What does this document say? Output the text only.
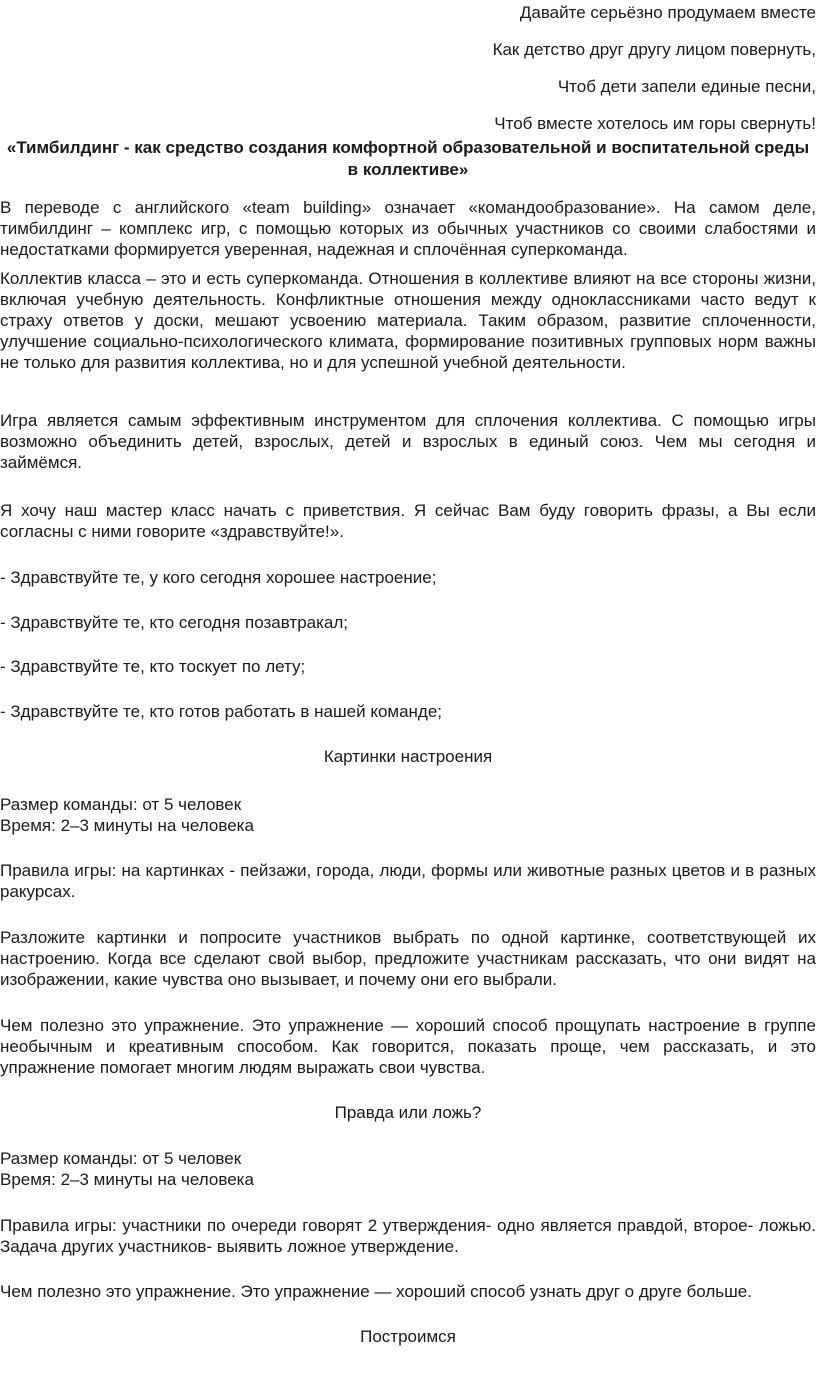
Давайте серьёзно продумаем вместе
Как детство друг другу лицом повернуть,
Чтоб дети запели единые песни,
Чтоб вместе хотелось им горы свернуть!

«Тимбилдинг - как средство создания комфортной образовательной и воспитательной среды в коллективе»

В переводе с английского «team building» означает «командообразование». На самом деле, тимбилдинг – комплекс игр, с помощью которых из обычных участников со своими слабостями и недостатками формируется уверенная, надежная и сплочённая суперкоманда.

Коллектив класса – это и есть суперкоманда. Отношения в коллективе влияют на все стороны жизни, включая учебную деятельность. Конфликтные отношения между одноклассниками часто ведут к страху ответов у доски, мешают усвоению материала. Таким образом, развитие сплоченности, улучшение социально-психологического климата, формирование позитивных групповых норм важны не только для развития коллектива, но и для успешной учебной деятельности.

Игра является самым эффективным инструментом для сплочения коллектива. С помощью игры возможно объединить детей, взрослых, детей и взрослых в единый союз. Чем мы сегодня и займёмся.

Я хочу наш мастер класс начать с приветствия. Я сейчас Вам буду говорить фразы, а Вы если согласны с ними говорите «здравствуйте!».

- Здравствуйте те, у кого сегодня хорошее настроение;

- Здравствуйте те, кто сегодня позавтракал;

- Здравствуйте те, кто тоскует по лету;

- Здравствуйте те, кто готов работать в нашей команде;

Картинки настроения

Размер команды: от 5 человек
Время: 2–3 минуты на человека

Правила игры: на картинках - пейзажи, города, люди, формы или животные разных цветов и в разных ракурсах.

Разложите картинки и попросите участников выбрать по одной картинке, соответствующей их настроению. Когда все сделают свой выбор, предложите участникам рассказать, что они видят на изображении, какие чувства оно вызывает, и почему они его выбрали.

Чем полезно это упражнение. Это упражнение — хороший способ прощупать настроение в группе необычным и креативным способом. Как говорится, показать проще, чем рассказать, и это упражнение помогает многим людям выражать свои чувства.

Правда или ложь?

Размер команды: от 5 человек
Время: 2–3 минуты на человека

Правила игры: участники по очереди говорят 2 утверждения- одно является правдой, второе- ложью. Задача других участников- выявить ложное утверждение.

Чем полезно это упражнение. Это упражнение — хороший способ узнать друг о друге больше.

Построимся
